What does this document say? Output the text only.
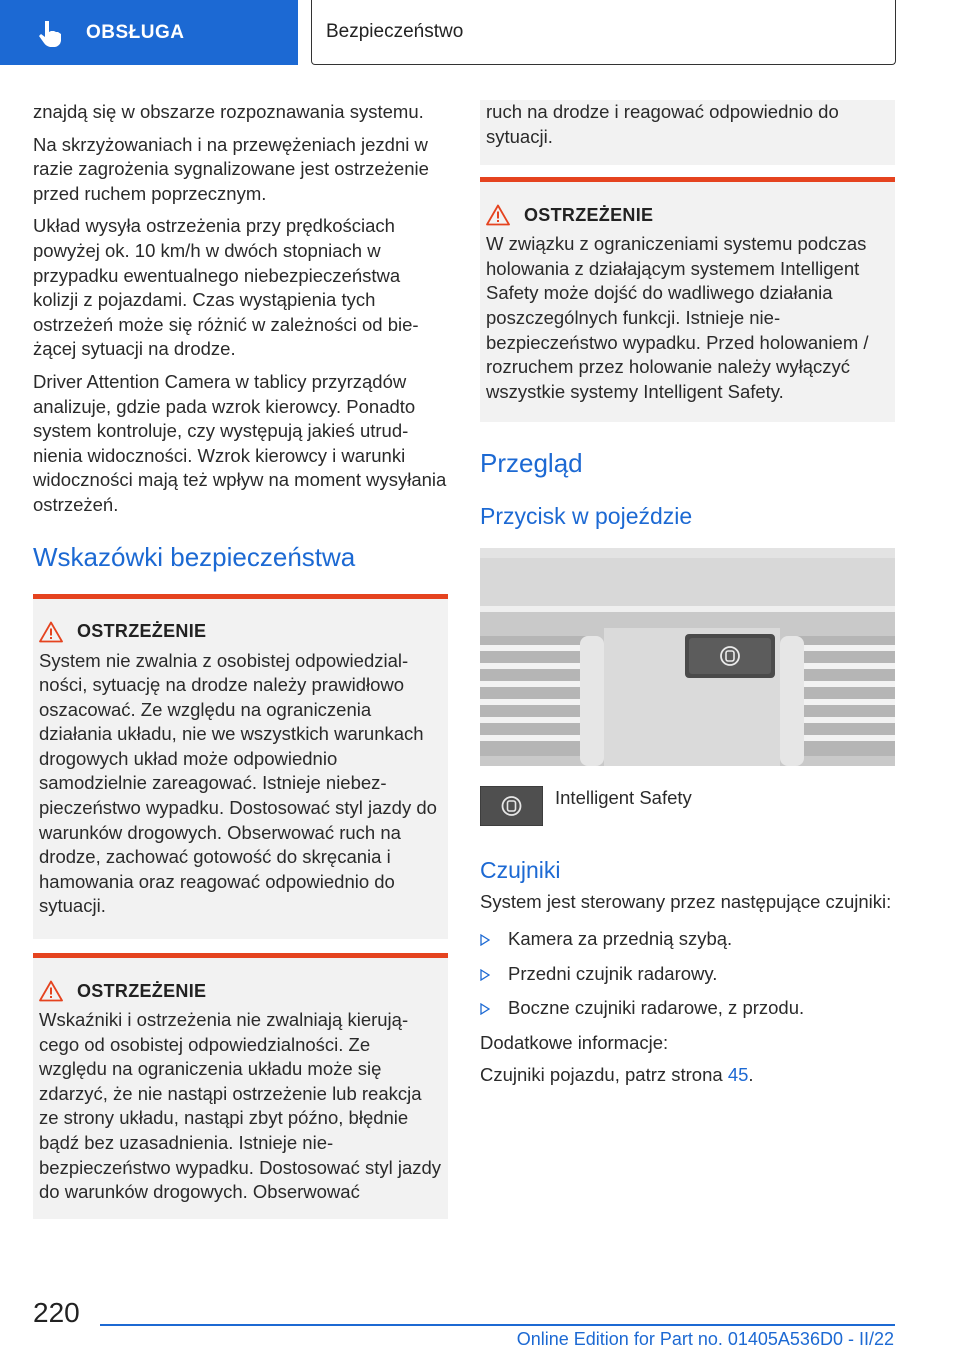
OBSŁUGA	Bezpieczeństwo

znajdą się w obszarze rozpoznawania systemu.

Na skrzyżowaniach i na przewężeniach jezdni w razie zagrożenia sygnalizowane jest ostrzeżenie przed ruchem poprzecznym.

Układ wysyła ostrzeżenia przy prędkościach powyżej ok. 10 km/h w dwóch stopniach w przypadku ewentualnego niebezpieczeństwa kolizji z pojazdami. Czas wystąpienia tych ostrzeżeń może się różnić w zależności od bieżącej sytuacji na drodze.

Driver Attention Camera w tablicy przyrządów analizuje, gdzie pada wzrok kierowcy. Ponadto system kontroluje, czy występują jakieś utrudnienia widoczności. Wzrok kierowcy i warunki widoczności mają też wpływ na moment wysyłania ostrzeżeń.

Wskazówki bezpieczeństwa
OSTRZEŻENIE

System nie zwalnia z osobistej odpowiedzialności, sytuację na drodze należy prawidłowo oszacować. Ze względu na ograniczenia działania układu, nie we wszystkich warunkach drogowych układ może odpowiednio samodzielnie zareagować. Istnieje niebezpieczeństwo wypadku. Dostosować styl jazdy do warunków drogowych. Obserwować ruch na drodze, zachować gotowość do skręcania i hamowania oraz reagować odpowiednio do sytuacji.

OSTRZEŻENIE

Wskaźniki i ostrzeżenia nie zwalniają kierującego od osobistej odpowiedzialności. Ze względu na ograniczenia układu może się zdarzyć, że nie nastąpi ostrzeżenie lub reakcja ze strony układu, nastąpi zbyt późno, błędnie bądź bez uzasadnienia. Istnieje niebezpieczeństwo wypadku. Dostosować styl jazdy do warunków drogowych. Obserwować

ruch na drodze i reagować odpowiednio do sytuacji.

OSTRZEŻENIE

W związku z ograniczeniami systemu podczas holowania z działającym systemem Intelligent Safety może dojść do wadliwego działania poszczególnych funkcji. Istnieje niebezpieczeństwo wypadku. Przed holowaniem / rozruchem przez holowanie należy wyłączyć wszystkie systemy Intelligent Safety.

Przegląd
Przycisk w pojeździe

Intelligent Safety

Czujniki

System jest sterowany przez następujące czujniki:

Kamera za przednią szybą.
Przedni czujnik radarowy.
Boczne czujniki radarowe, z przodu.

Dodatkowe informacje:

Czujniki pojazdu, patrz strona 45.

220
Online Edition for Part no. 01405A536D0 - II/22
